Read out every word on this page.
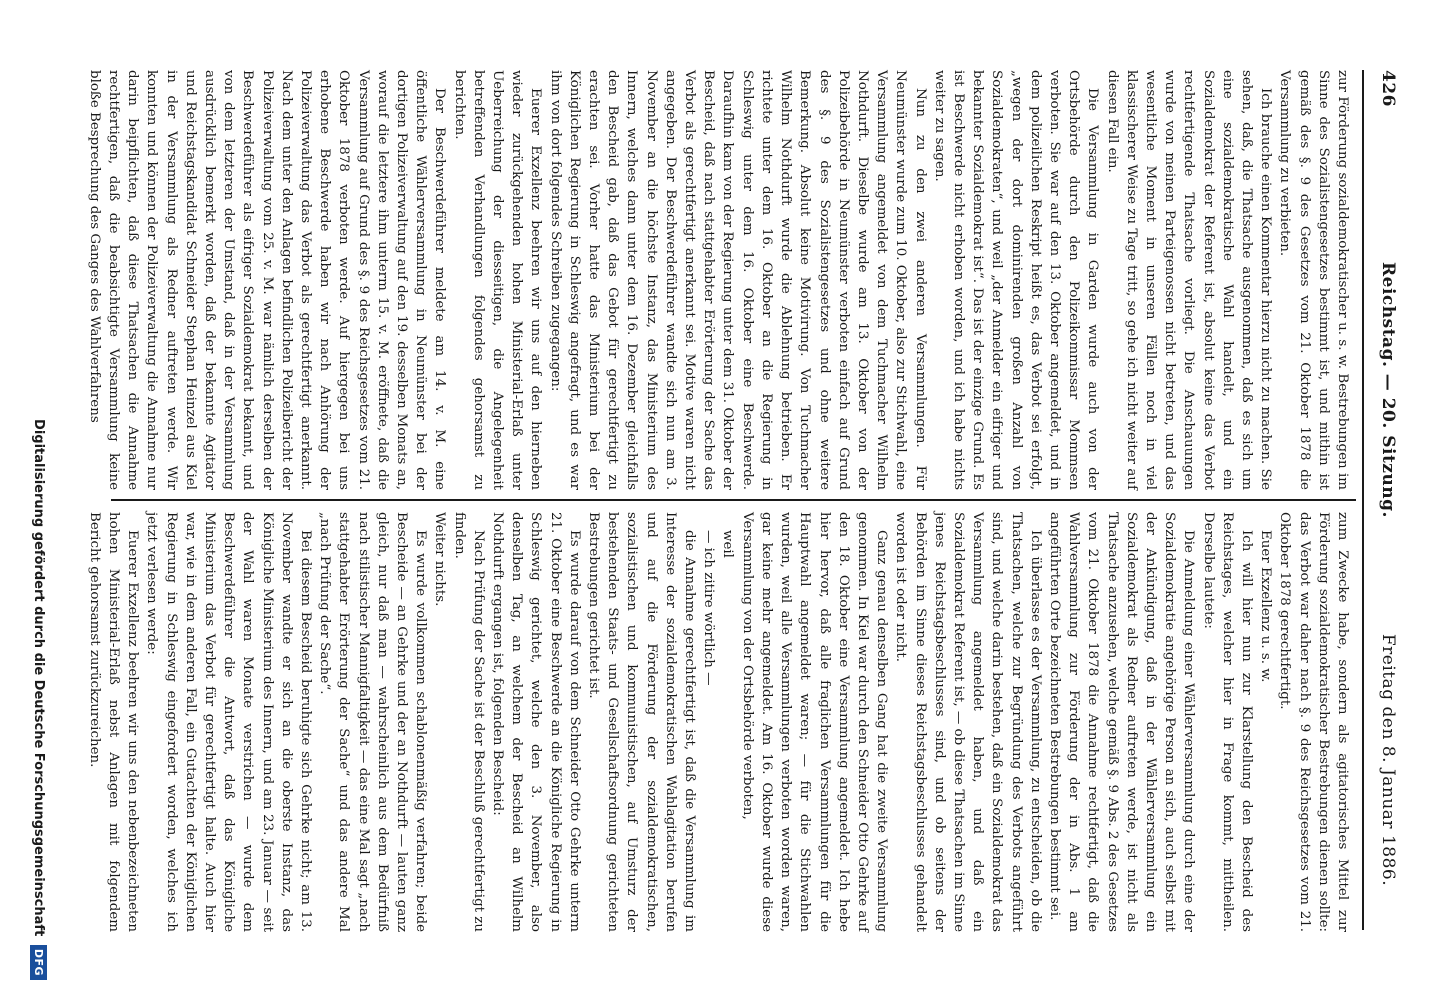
426
Reichstag. — 20. Sitzung.
Freitag den 8. Januar 1886.

zur Förderung sozialdemokratischer u. s. w. Bestrebungen im Sinne des Sozialistengesetzes bestimmt ist, und mithin ist gemäß des §. 9 des Gesetzes vom 21. Oktober 1878 die Versammlung zu verbieten.

Ich brauche einen Kommentar hierzu nicht zu machen. Sie sehen, daß, die Thatsache ausgenommen, daß es sich um eine sozialdemokratische Wahl handelt, und ein Sozialdemokrat der Referent ist, absolut keine das Verbot rechtfertigende Thatsache vorliegt. Die Anschauungen wurde von meinen Parteigenossen nicht betreten, und das wesentliche Moment in unseren Fällen noch in viel klassischerer Weise zu Tage tritt, so gehe ich nicht weiter auf diesen Fall ein.

Die Versammlung in Garden wurde auch von der Ortsbehörde durch den Polizeikommissar Mommsen verboten. Sie war auf den 13. Oktober angemeldet, und in dem polizeilichen Reskript heißt es, das Verbot sei erfolgt, „wegen der dort dominirenden großen Anzahl von Sozialdemokraten“, und weil „der Anmelder ein eifriger und bekannter Sozialdemokrat ist“. Das ist der einzige Grund. Es ist Beschwerde nicht erhoben worden, und ich habe nichts weiter zu sagen.

Nun zu den zwei anderen Versammlungen. Für Neumünster wurde zum 10. Oktober, also zur Stichwahl, eine Versammlung angemeldet von dem Tuchmacher Wilhelm Nothdurft. Dieselbe wurde am 13. Oktober von der Polizeibehörde in Neumünster verboten einfach auf Grund des §. 9 des Sozialistengesetzes und ohne weitere Bemerkung. Absolut keine Motivirung. Von Tuchmacher Wilhelm Nothdurft wurde die Ablehnung betrieben. Er richtete unter dem 16. Oktober an die Regierung in Schleswig unter dem 16. Oktober eine Beschwerde. Daraufhin kam von der Regierung unter dem 31. Oktober der Bescheid, daß nach stattgehabter Erörterung der Sache das Verbot als gerechtfertigt anerkannt sei. Motive waren nicht angegeben. Der Beschwerdeführer wandte sich nun am 3. November an die höchste Instanz, das Ministerium des Innern, welches dann unter dem 16. Dezember gleichfalls den Bescheid gab, daß das Gebot für gerechtfertigt zu erachten sei. Vorher hatte das Ministerium bei der Königlichen Regierung in Schleswig angefragt, und es war ihm von dort folgendes Schreiben zugegangen:

Euerer Exzellenz beehren wir uns auf den hierneben wieder zurückgehenden hohen Ministerial-Erlaß unter Ueberreichung der diesseitigen, die Angelegenheit betreffenden Verhandlungen folgendes gehorsamst zu berichten.

Der Beschwerdeführer meldete am 14. v. M. eine öffentliche Wählerversammlung in Neumünster bei der dortigen Polizeiverwaltung auf den 19. desselben Monats an, worauf die letztere ihm unterm 15. v. M. eröffnete, daß die Versammlung auf Grund des §. 9 des Reichsgesetzes vom 21. Oktober 1878 verboten werde. Auf hiergegen bei uns erhobene Beschwerde haben wir nach Anhörung der Polizeiverwaltung das Verbot als gerechtfertigt anerkannt. Nach dem unter den Anlagen befindlichen Polizeibericht der Polizeiverwaltung vom 25. v. M. war nämlich derselben der Beschwerdeführer als eifriger Sozialdemokrat bekannt, und von dem letzteren der Umstand, daß in der Versammlung ausdrücklich bemerkt worden, daß der bekannte Agitator und Reichstagskandidat Schneider Stephan Heinzel aus Kiel in der Versammlung als Redner auftreten werde. Wir konnten und können der Polizeiverwaltung die Annahme nur darin beipflichten, daß diese Thatsachen die Annahme rechtfertigen, daß die beabsichtigte Versammlung keine bloße Besprechung des Ganges des Wahlverfahrens

zum Zwecke habe, sondern als agitatorisches Mittel zur Förderung sozialdemokratischer Bestrebungen dienen sollte: das Verbot war daher nach §. 9 des Reichsgesetzes vom 21. Oktober 1878 gerechtfertigt.

Euer Exzellenz u. s. w.

Ich will hier nun zur Klarstellung den Bescheid des Reichstages, welcher hier in Frage kommt, mittheilen. Derselbe lautete:

Die Anmeldung einer Wählerversammlung durch eine der Sozialdemokratie angehörige Person an sich, auch selbst mit der Ankündigung, daß in der Wählerversammlung ein Sozialdemokrat als Redner auftreten werde, ist nicht als Thatsache anzusehen, welche gemäß §. 9 Abs. 2 des Gesetzes vom 21. Oktober 1878 die Annahme rechtfertigt, daß die Wahlversammlung zur Förderung der in Abs. 1 am angeführten Orte bezeichneten Bestrebungen bestimmt sei.

Ich überlasse es der Versammlung, zu entscheiden, ob die Thatsachen, welche zur Begründung des Verbots angeführt sind, und welche darin bestehen, daß ein Sozialdemokrat das Versammlung angemeldet haben, und daß ein Sozialdemokrat Referent ist, — ob diese Thatsachen im Sinne jenes Reichstagsbeschlusses sind, und ob seitens der Behörden im Sinne dieses Reichstagsbeschlusses gehandelt worden ist oder nicht.

Ganz genau denselben Gang hat die zweite Versammlung genommen. In Kiel war durch den Schneider Otto Gehrke auf den 18. Oktober eine Versammlung angemeldet. Ich hebe hier hervor, daß alle fraglichen Versammlungen für die Hauptwahl angemeldet waren; — für die Stichwahlen wurden, weil alle Versammlungen verboten worden waren, gar keine mehr angemeldet. Am 16. Oktober wurde diese Versammlung von der Ortsbehörde verboten,

weil

— ich zitire wörtlich —

die Annahme gerechtfertigt ist, daß die Versammlung im Interesse der sozialdemokratischen Wahlagitation berufen und auf die Förderung der sozialdemokratischen, sozialistischen und kommunistischen, auf Umsturz der bestehenden Staats- und Gesellschaftsordnung gerichteten Bestrebungen gerichtet ist.

Es wurde darauf von dem Schneider Otto Gehrke unterm 21. Oktober eine Beschwerde an die Königliche Regierung in Schleswig gerichtet, welche den 3. November, also denselben Tag, an welchem der Bescheid an Wilhelm Nothdurft ergangen ist, folgenden Bescheid:

Nach Prüfung der Sache ist der Beschluß gerechtfertigt zu finden.

Weiter nichts.

Es wurde vollkommen schablonenmäßig verfahren; beide Bescheide — an Gehrke und der an Nothdurft — lauten ganz gleich, nur daß man — wahrscheinlich aus dem Bedürfniß nach stilistischer Mannigfaltigkeit — das eine Mal sagt „nach stattgehabter Erörterung der Sache“ und das andere Mal „nach Prüfung der Sache“.

Bei diesem Bescheid beruhigte sich Gehrke nicht; am 13. November wandte er sich an die oberste Instanz, das Königliche Ministerium des Innern, und am 23. Januar — seit der Wahl waren Monate verstrichen — wurde dem Beschwerdeführer die Antwort, daß das Königliche Ministerium das Verbot für gerechtfertigt halte. Auch hier war, wie in dem anderen Fall, ein Gutachten der Königlichen Regierung in Schleswig eingefordert worden, welches ich jetzt verlesen werde:

Euerer Exzellenz beehren wir uns den nebenbezeichneten hohen Ministerial-Erlaß nebst Anlagen mit folgendem Bericht gehorsamst zurückzureichen.

Digitalisierung gefördert durch die Deutsche Forschungsgemeinschaft DFG
